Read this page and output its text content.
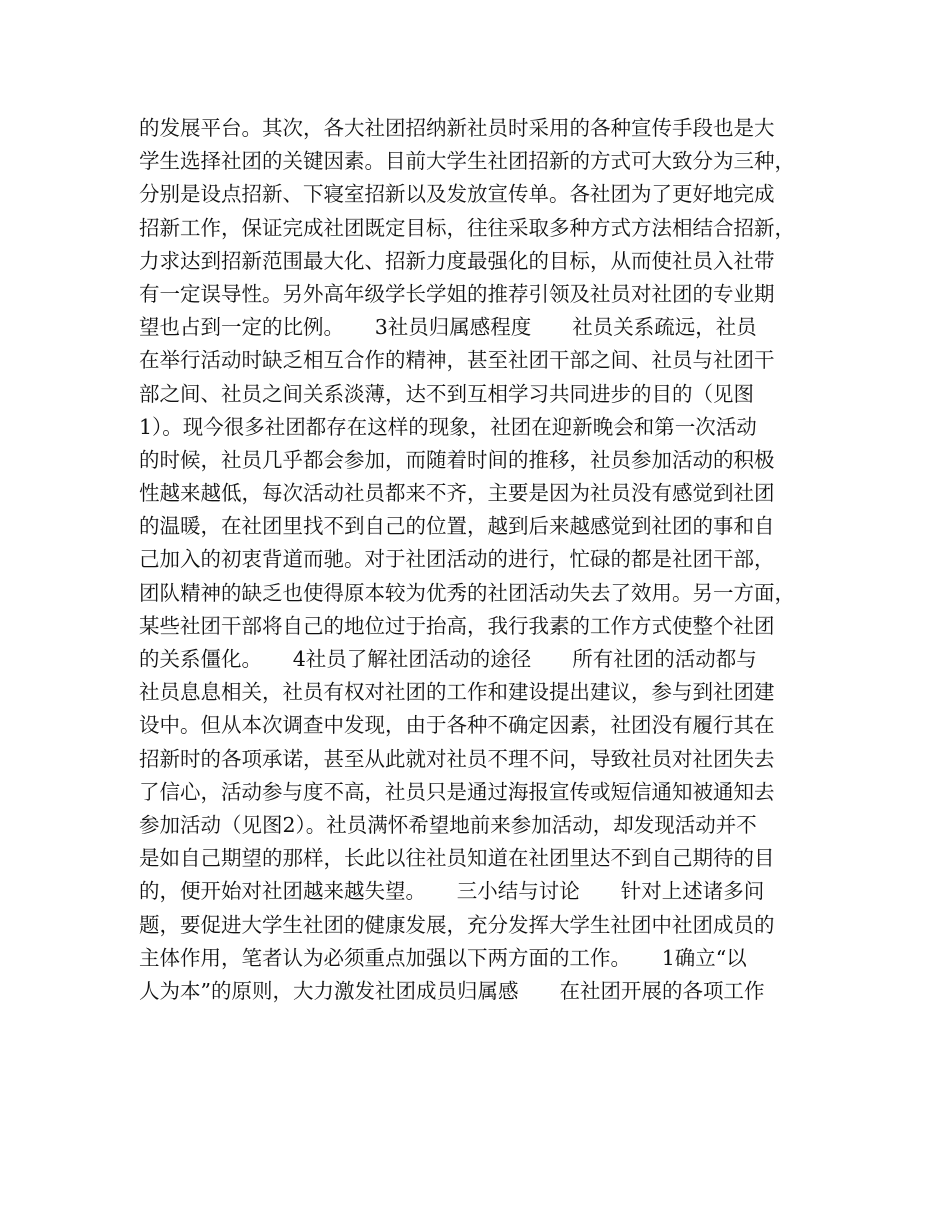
的发展平台。其次，各大社团招纳新社员时采用的各种宣传手段也是大
学生选择社团的关键因素。目前大学生社团招新的方式可大致分为三种，
分别是设点招新、下寝室招新以及发放宣传单。各社团为了更好地完成
招新工作，保证完成社团既定目标，往往采取多种方式方法相结合招新，
力求达到招新范围最大化、招新力度最强化的目标，从而使社员入社带
有一定误导性。另外高年级学长学姐的推荐引领及社员对社团的专业期
望也占到一定的比例。　　3社员归属感程度　　社员关系疏远，社员
在举行活动时缺乏相互合作的精神，甚至社团干部之间、社员与社团干
部之间、社员之间关系淡薄，达不到互相学习共同进步的目的（见图
1）。现今很多社团都存在这样的现象，社团在迎新晚会和第一次活动
的时候，社员几乎都会参加，而随着时间的推移，社员参加活动的积极
性越来越低，每次活动社员都来不齐，主要是因为社员没有感觉到社团
的温暖，在社团里找不到自己的位置，越到后来越感觉到社团的事和自
己加入的初衷背道而驰。对于社团活动的进行，忙碌的都是社团干部，
团队精神的缺乏也使得原本较为优秀的社团活动失去了效用。另一方面，
某些社团干部将自己的地位过于抬高，我行我素的工作方式使整个社团
的关系僵化。　　4社员了解社团活动的途径　　所有社团的活动都与
社员息息相关，社员有权对社团的工作和建设提出建议，参与到社团建
设中。但从本次调查中发现，由于各种不确定因素，社团没有履行其在
招新时的各项承诺，甚至从此就对社员不理不问，导致社员对社团失去
了信心，活动参与度不高，社员只是通过海报宣传或短信通知被通知去
参加活动（见图2）。社员满怀希望地前来参加活动，却发现活动并不
是如自己期望的那样，长此以往社员知道在社团里达不到自己期待的目
的，便开始对社团越来越失望。　　三小结与讨论　　针对上述诸多问
题，要促进大学生社团的健康发展，充分发挥大学生社团中社团成员的
主体作用，笔者认为必须重点加强以下两方面的工作。　　1确立“以
人为本”的原则，大力激发社团成员归属感　　在社团开展的各项工作
